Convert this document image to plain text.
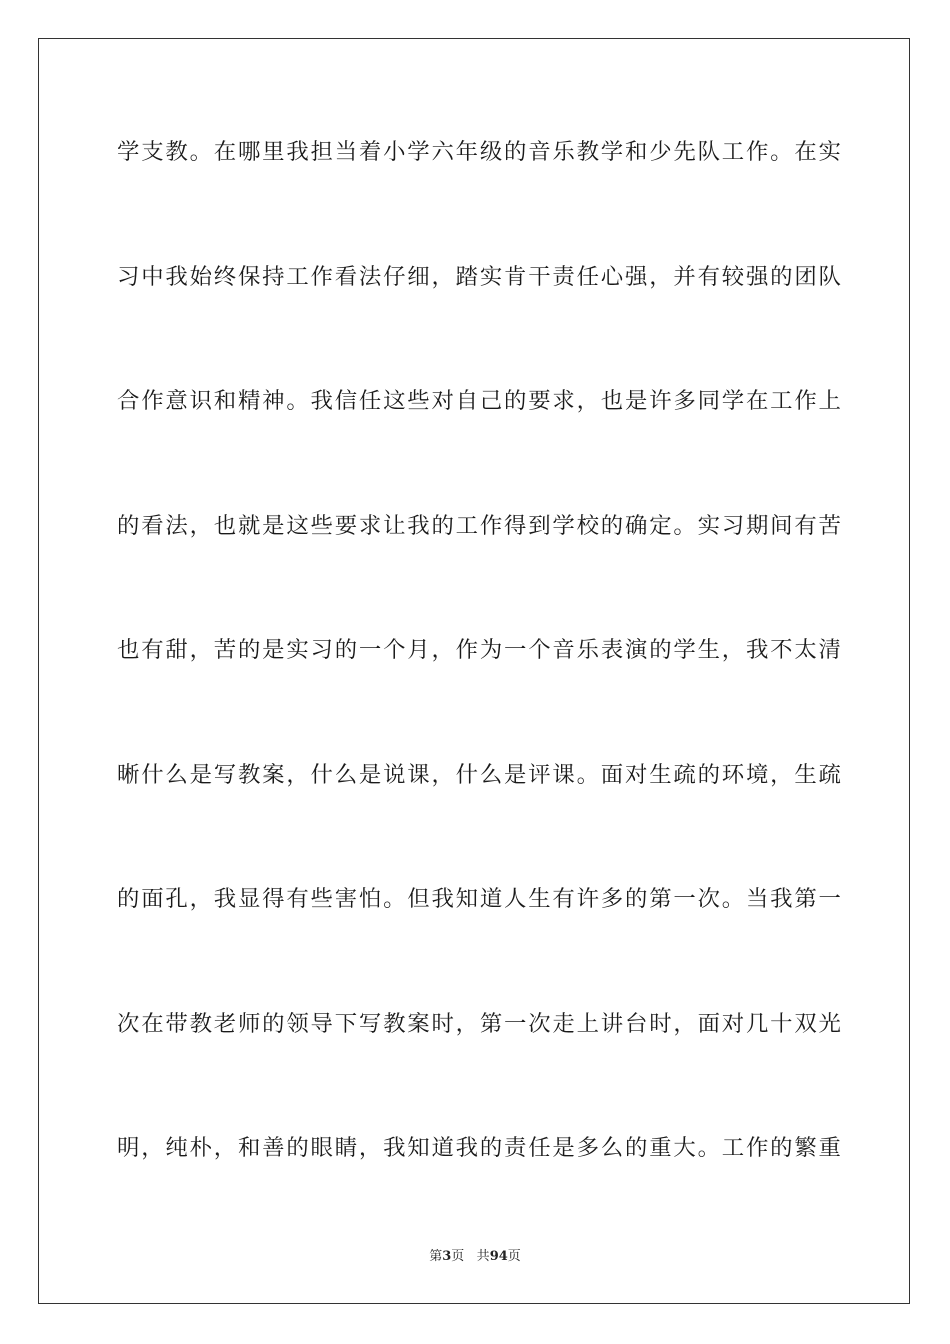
学支教。在哪里我担当着小学六年级的音乐教学和少先队工作。在实
习中我始终保持工作看法仔细，踏实肯干责任心强，并有较强的团队
合作意识和精神。我信任这些对自己的要求，也是许多同学在工作上
的看法，也就是这些要求让我的工作得到学校的确定。实习期间有苦
也有甜，苦的是实习的一个月，作为一个音乐表演的学生，我不太清
晰什么是写教案，什么是说课，什么是评课。面对生疏的环境，生疏
的面孔，我显得有些害怕。但我知道人生有许多的第一次。当我第一
次在带教老师的领导下写教案时，第一次走上讲台时，面对几十双光
明，纯朴，和善的眼睛，我知道我的责任是多么的重大。工作的繁重
第3页 共94页
